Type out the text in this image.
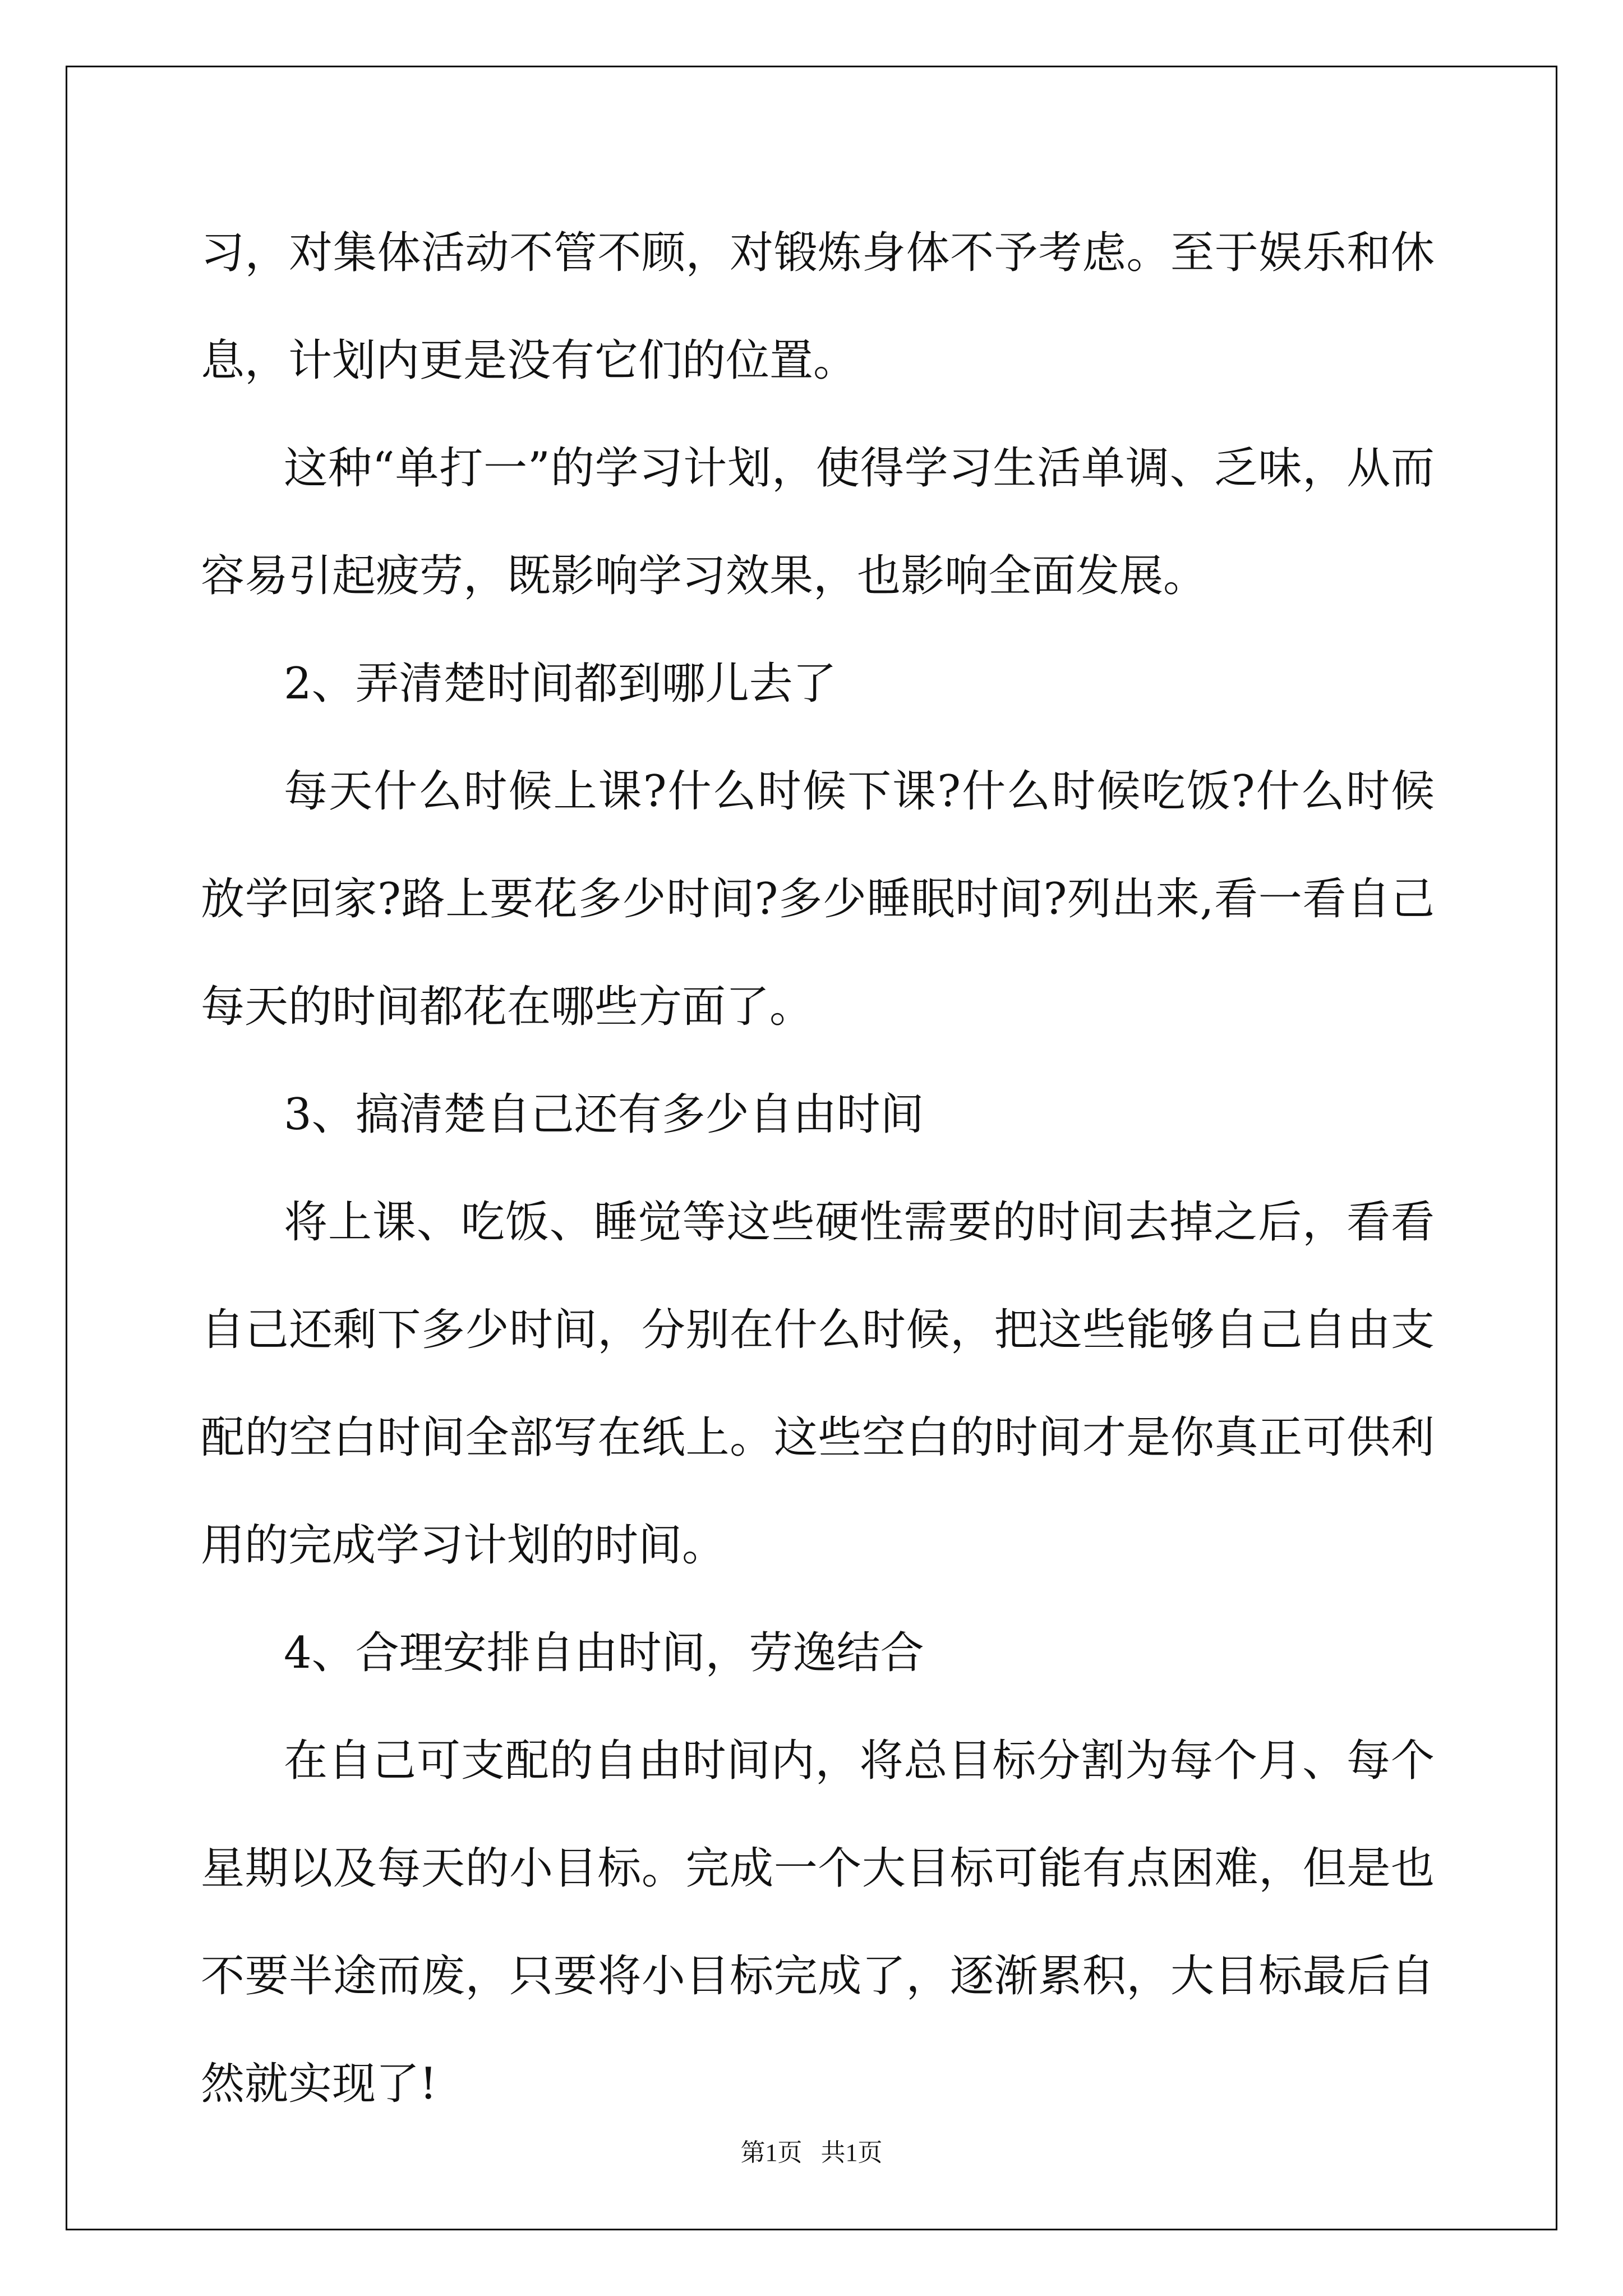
习，对集体活动不管不顾，对锻炼身体不予考虑。至于娱乐和休息，计划内更是没有它们的位置。

这种“单打一”的学习计划，使得学习生活单调、乏味，从而容易引起疲劳，既影响学习效果，也影响全面发展。

2、弄清楚时间都到哪儿去了

每天什么时候上课?什么时候下课?什么时候吃饭?什么时候放学回家?路上要花多少时间?多少睡眠时间?列出来,看一看自己每天的时间都花在哪些方面了。

3、搞清楚自己还有多少自由时间

将上课、吃饭、睡觉等这些硬性需要的时间去掉之后，看看自己还剩下多少时间，分别在什么时候，把这些能够自己自由支配的空白时间全部写在纸上。这些空白的时间才是你真正可供利用的完成学习计划的时间。

4、合理安排自由时间，劳逸结合

在自己可支配的自由时间内，将总目标分割为每个月、每个星期以及每天的小目标。完成一个大目标可能有点困难，但是也不要半途而废，只要将小目标完成了，逐渐累积，大目标最后自然就实现了!

第1页   共1页
